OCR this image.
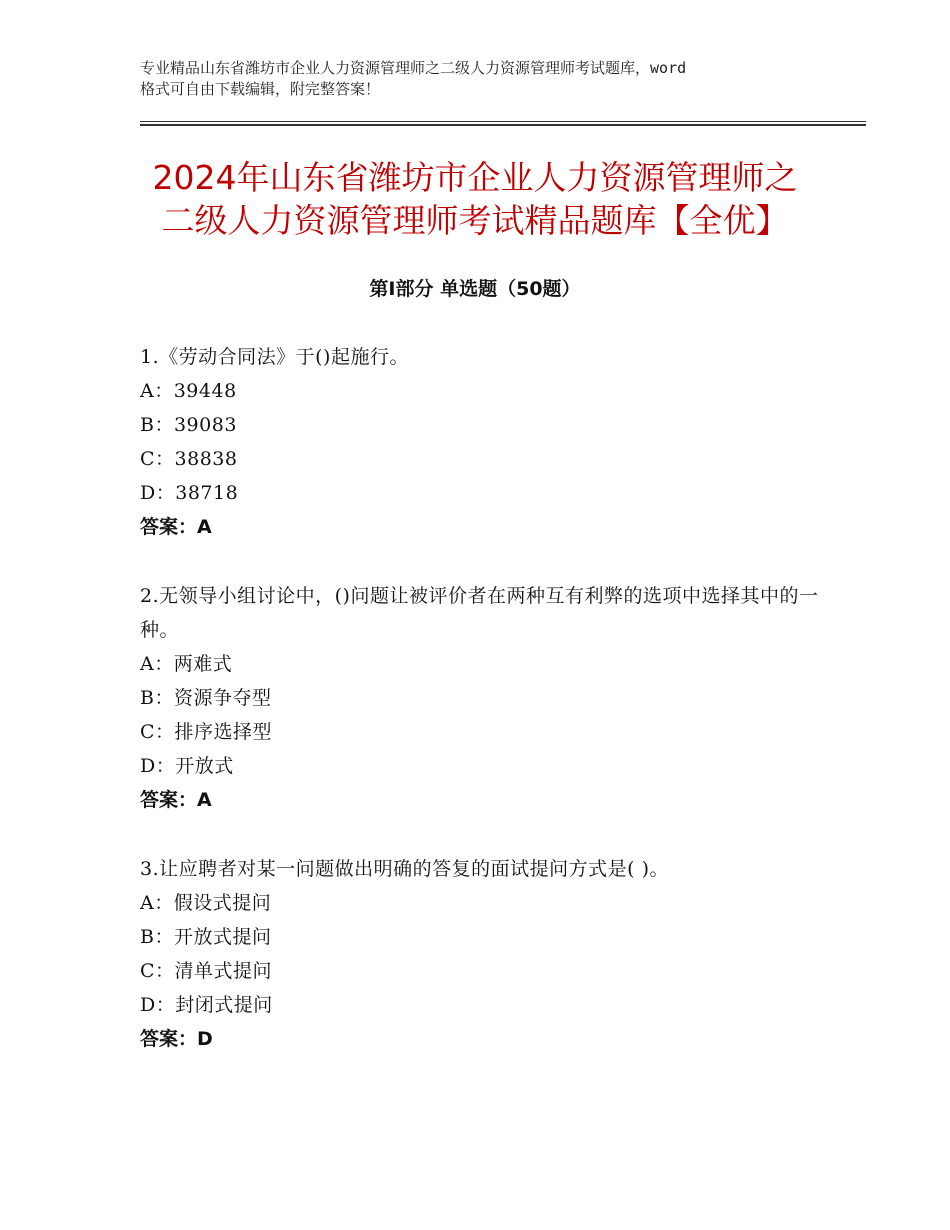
专业精品山东省潍坊市企业人力资源管理师之二级人力资源管理师考试题库，word
格式可自由下载编辑，附完整答案！
2024年山东省潍坊市企业人力资源管理师之
二级人力资源管理师考试精品题库【全优】
第Ⅰ部分 单选题（50题）
1.《劳动合同法》于()起施行。
A：39448
B：39083
C：38838
D：38718
答案：A
2.无领导小组讨论中，()问题让被评价者在两种互有利弊的选项中选择其中的一种。
A：两难式
B：资源争夺型
C：排序选择型
D：开放式
答案：A
3.让应聘者对某一问题做出明确的答复的面试提问方式是( )。
A：假设式提问
B：开放式提问
C：清单式提问
D：封闭式提问
答案：D
